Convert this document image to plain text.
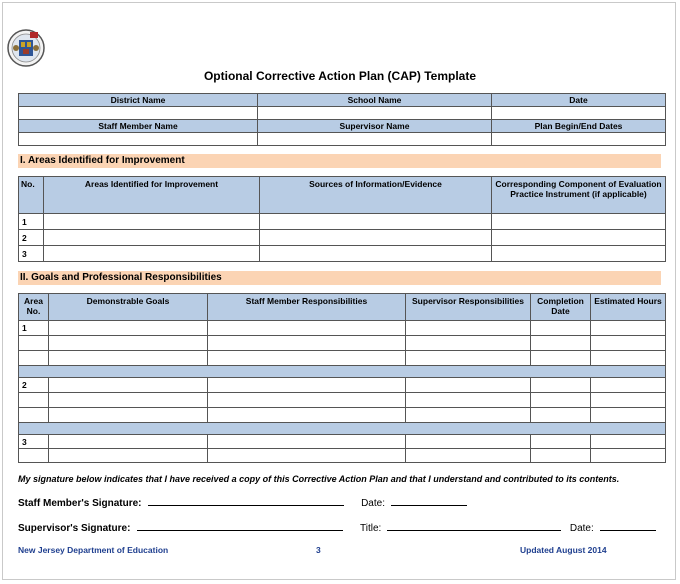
Optional Corrective Action Plan (CAP) Template
District Name	School Name	Date

Staff Member Name	Supervisor Name	Plan Begin/End Dates

I. Areas Identified for Improvement
No.	Areas Identified for Improvement	Sources of Information/Evidence	Corresponding Component of Evaluation Practice Instrument (if applicable)
1			
2			
3			
II. Goals and Professional Responsibilities
Area No.	Demonstrable Goals	Staff Member Responsibilities	Supervisor Responsibilities	Completion Date	Estimated Hours
1					

2					

3					

My signature below indicates that I have received a copy of this Corrective Action Plan and that I understand and contributed to its contents.
Staff Member's Signature:	Date:
Supervisor's Signature:	Title:	Date:
New Jersey Department of Education	3	Updated August 2014
